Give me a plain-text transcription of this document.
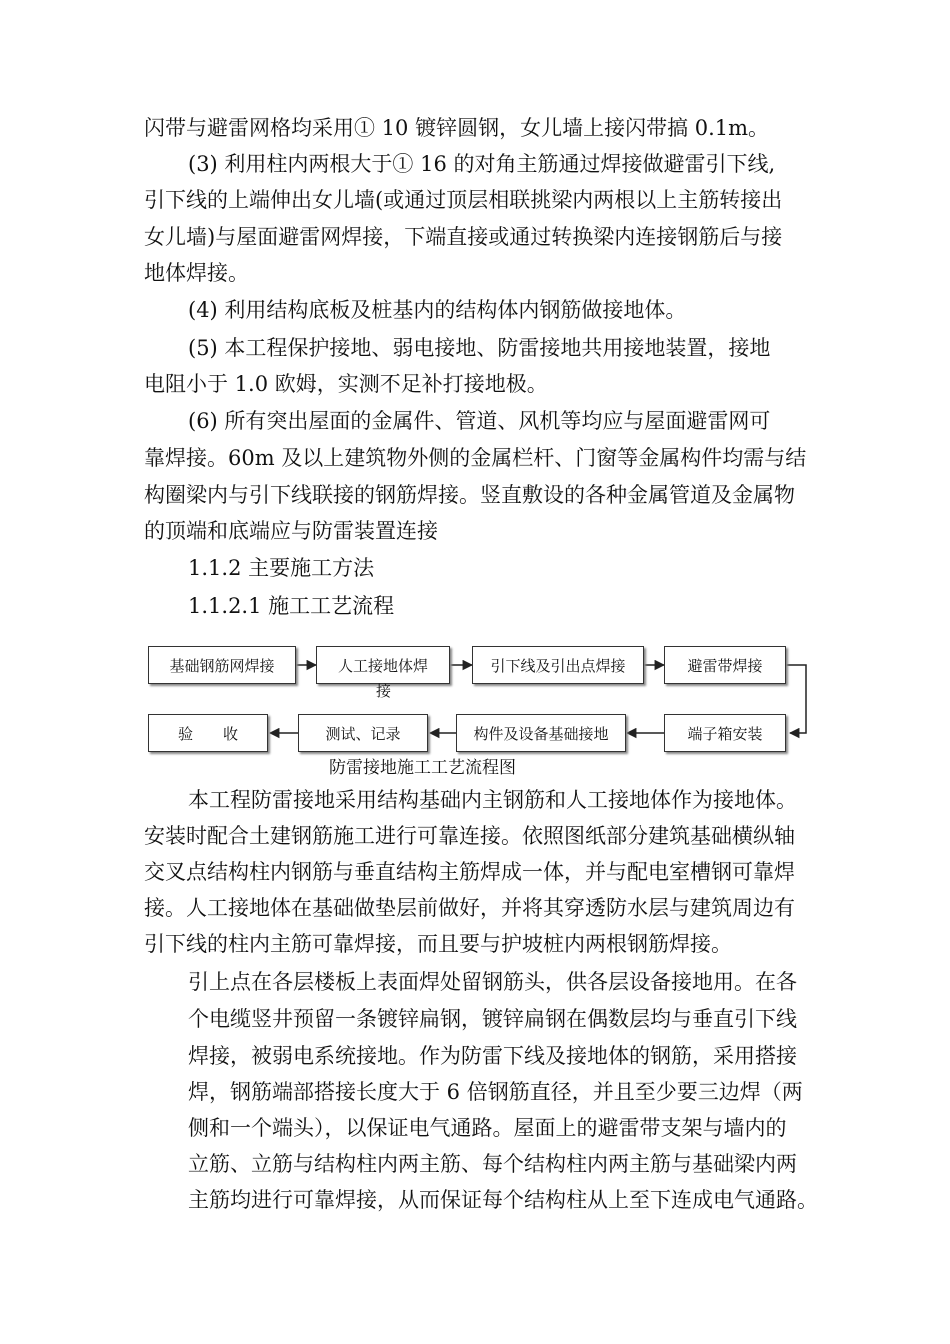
闪带与避雷网格均采用① 10 镀锌圆钢，女儿墙上接闪带搞 0.1m。
(3) 利用柱内两根大于① 16 的对角主筋通过焊接做避雷引下线,
引下线的上端伸出女儿墙(或通过顶层相联挑梁内两根以上主筋转接出
女儿墙)与屋面避雷网焊接，下端直接或通过转换梁内连接钢筋后与接
地体焊接。
(4) 利用结构底板及桩基内的结构体内钢筋做接地体。
(5) 本工程保护接地、弱电接地、防雷接地共用接地装置，接地
电阻小于 1.0 欧姆，实测不足补打接地极。
(6) 所有突出屋面的金属件、管道、风机等均应与屋面避雷网可
靠焊接。60m 及以上建筑物外侧的金属栏杆、门窗等金属构件均需与结
构圈梁内与引下线联接的钢筋焊接。竖直敷设的各种金属管道及金属物
的顶端和底端应与防雷装置连接
1.1.2 主要施工方法
1.1.2.1 施工工艺流程
基础钢筋网焊接	人工接地体焊
接
引下线及引出点焊接	避雷带焊接
端子箱安装
构件及设备基础接地
测试、记录
验　　收
防雷接地施工工艺流程图
本工程防雷接地采用结构基础内主钢筋和人工接地体作为接地体。
安装时配合土建钢筋施工进行可靠连接。依照图纸部分建筑基础横纵轴
交叉点结构柱内钢筋与垂直结构主筋焊成一体，并与配电室槽钢可靠焊
接。人工接地体在基础做垫层前做好，并将其穿透防水层与建筑周边有
引下线的柱内主筋可靠焊接，而且要与护坡桩内两根钢筋焊接。
引上点在各层楼板上表面焊处留钢筋头，供各层设备接地用。在各
个电缆竖井预留一条镀锌扁钢，镀锌扁钢在偶数层均与垂直引下线
焊接，被弱电系统接地。作为防雷下线及接地体的钢筋，采用搭接
焊，钢筋端部搭接长度大于 6 倍钢筋直径，并且至少要三边焊（两
侧和一个端头），以保证电气通路。屋面上的避雷带支架与墙内的
立筋、立筋与结构柱内两主筋、每个结构柱内两主筋与基础梁内两
主筋均进行可靠焊接，从而保证每个结构柱从上至下连成电气通路。
